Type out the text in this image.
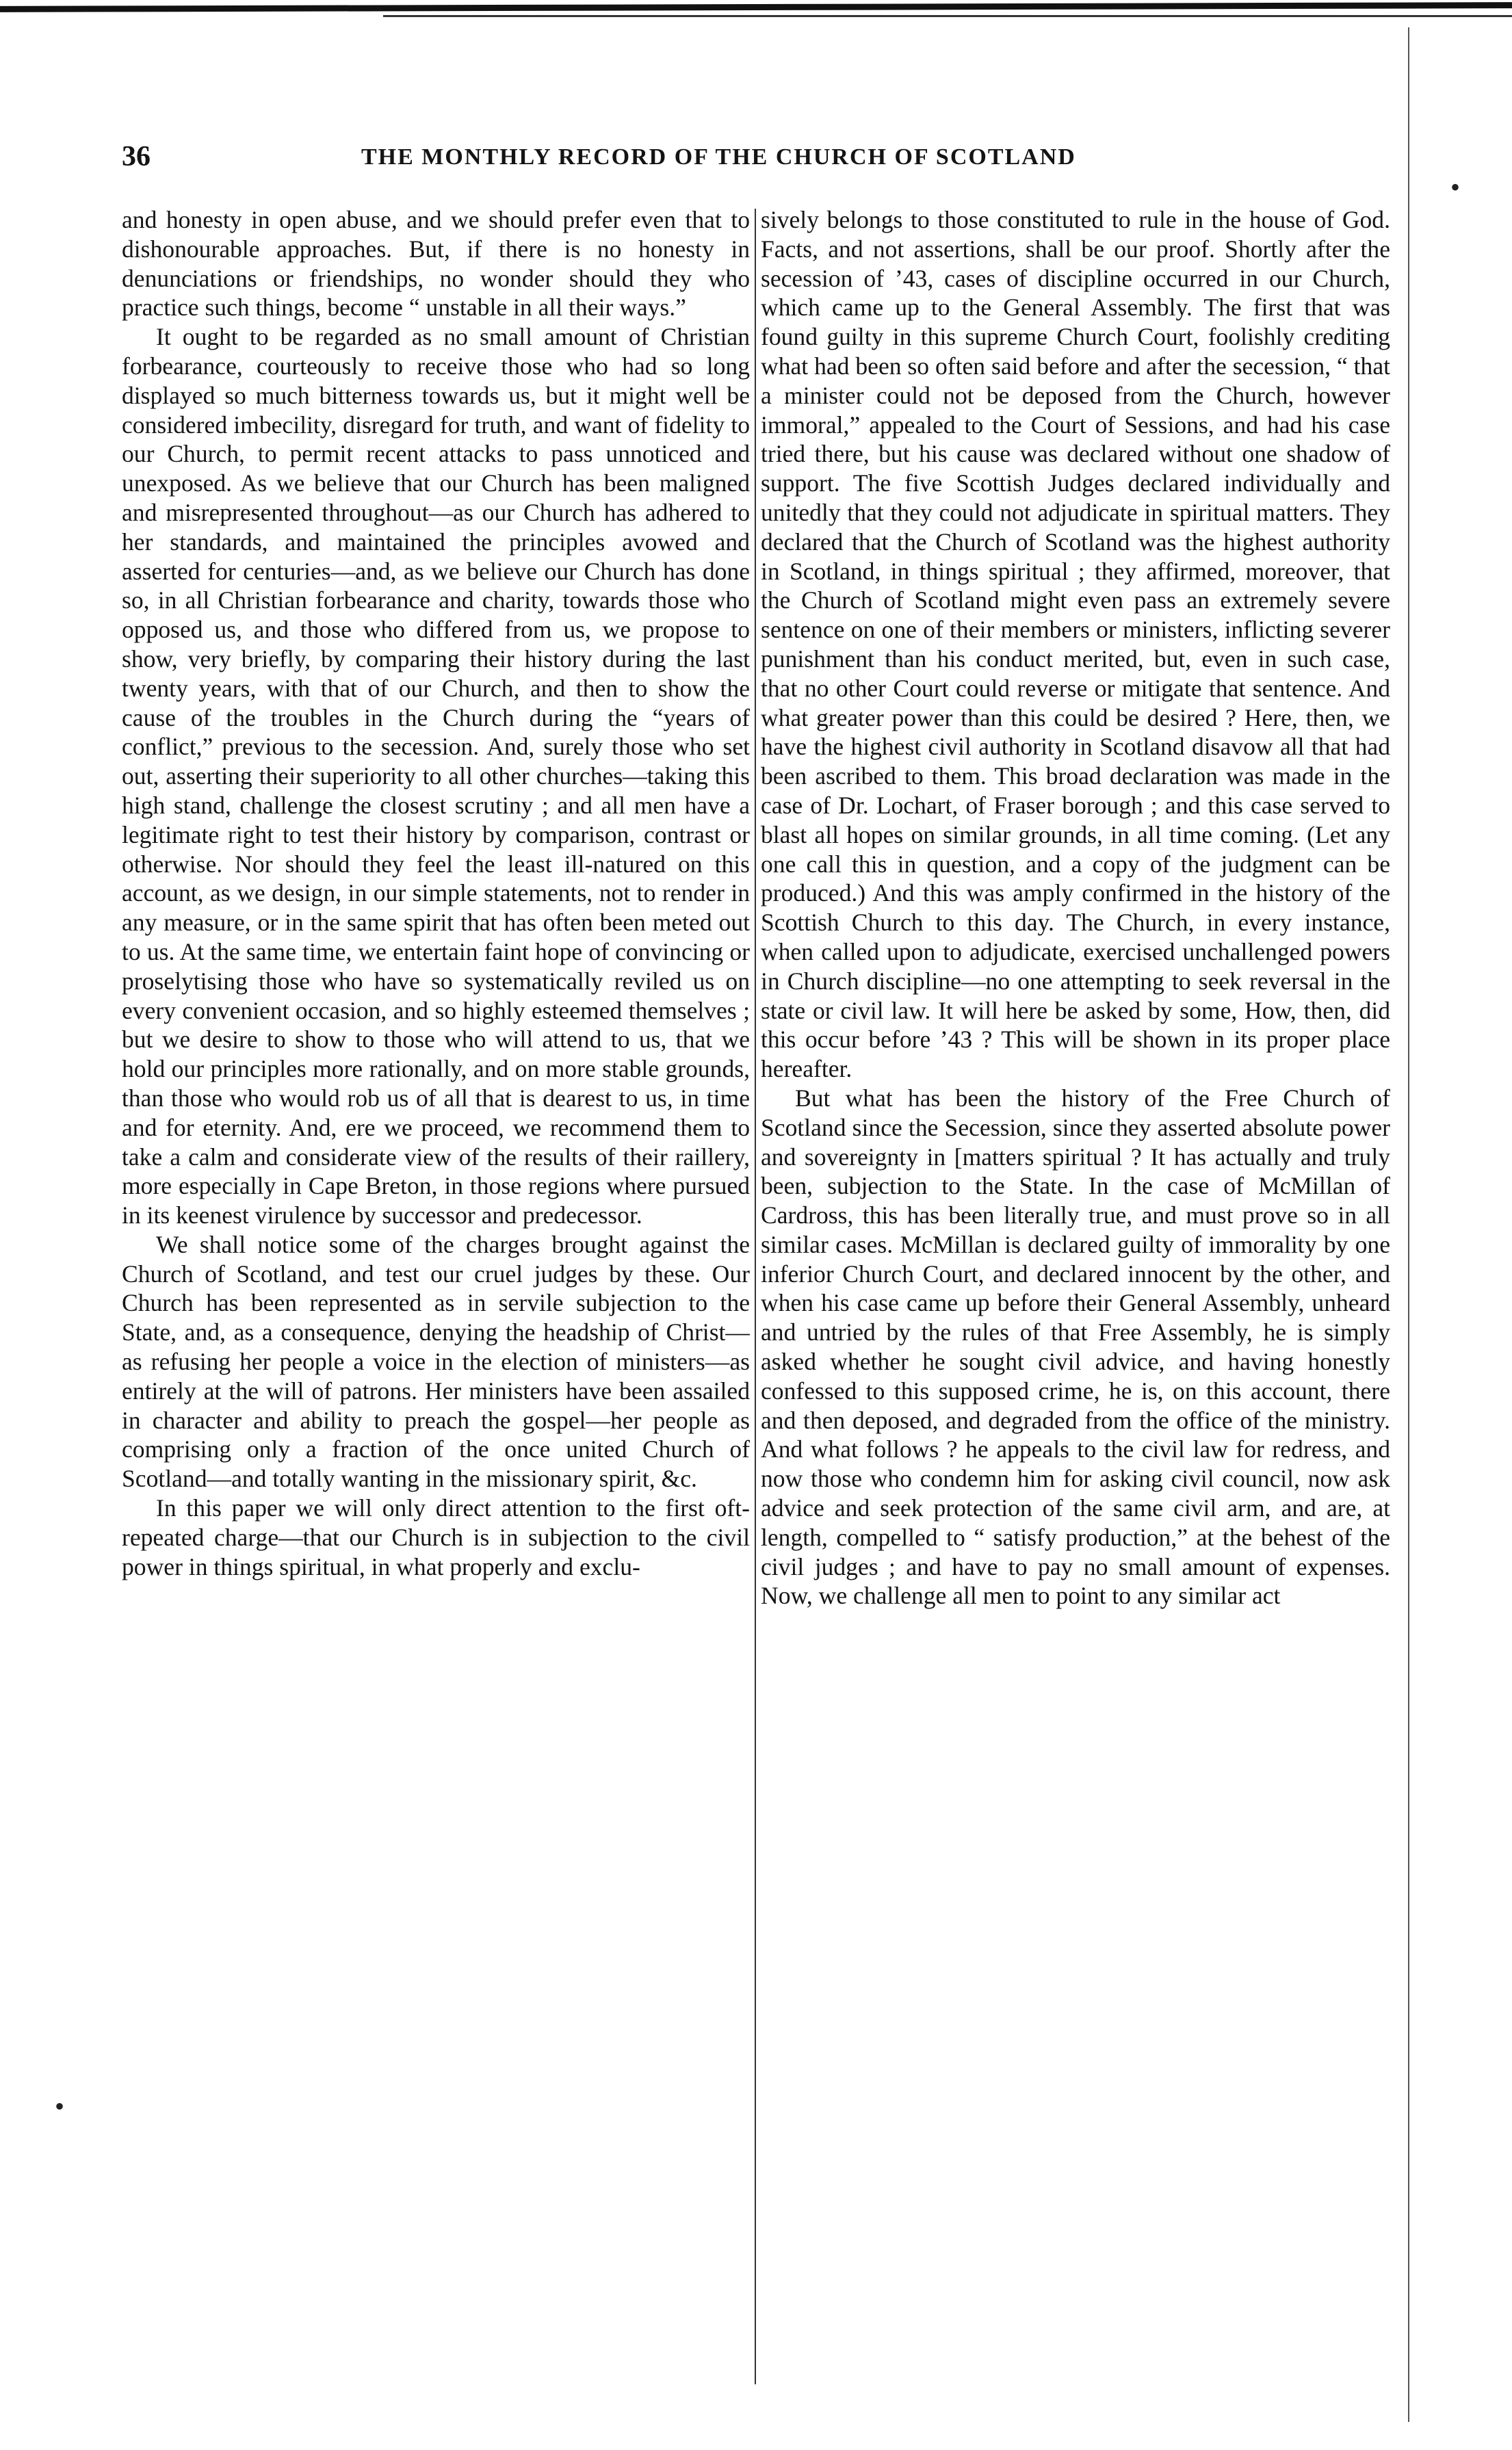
36	THE MONTHLY RECORD OF THE CHURCH OF SCOTLAND

and honesty in open abuse, and we should prefer even that to dishonourable approaches. But, if there is no honesty in denunciations or friendships, no wonder should they who practice such things, become “ unstable in all their ways.”

It ought to be regarded as no small amount of Christian forbearance, courteously to receive those who had so long displayed so much bitterness towards us, but it might well be considered imbecility, disregard for truth, and want of fidelity to our Church, to permit recent attacks to pass unnoticed and unexposed. As we believe that our Church has been maligned and misrepresented throughout—as our Church has adhered to her standards, and maintained the principles avowed and asserted for centuries—and, as we believe our Church has done so, in all Christian forbearance and charity, towards those who opposed us, and those who differed from us, we propose to show, very briefly, by comparing their history during the last twenty years, with that of our Church, and then to show the cause of the troubles in the Church during the “years of conflict,” previous to the secession. And, surely those who set out, asserting their superiority to all other churches—taking this high stand, challenge the closest scrutiny ; and all men have a legitimate right to test their history by comparison, contrast or otherwise. Nor should they feel the least ill-natured on this account, as we design, in our simple statements, not to render in any measure, or in the same spirit that has often been meted out to us. At the same time, we entertain faint hope of convincing or proselytising those who have so systematically reviled us on every convenient occasion, and so highly esteemed themselves ; but we desire to show to those who will attend to us, that we hold our principles more rationally, and on more stable grounds, than those who would rob us of all that is dearest to us, in time and for eternity. And, ere we proceed, we recommend them to take a calm and considerate view of the results of their raillery, more especially in Cape Breton, in those regions where pursued in its keenest virulence by successor and predecessor.

We shall notice some of the charges brought against the Church of Scotland, and test our cruel judges by these. Our Church has been represented as in servile subjection to the State, and, as a consequence, denying the headship of Christ—as refusing her people a voice in the election of ministers—as entirely at the will of patrons. Her ministers have been assailed in character and ability to preach the gospel—her people as comprising only a fraction of the once united Church of Scotland—and totally wanting in the missionary spirit, &c.

In this paper we will only direct attention to the first oft-repeated charge—that our Church is in subjection to the civil power in things spiritual, in what properly and exclu-

sively belongs to those constituted to rule in the house of God. Facts, and not assertions, shall be our proof. Shortly after the secession of ’43, cases of discipline occurred in our Church, which came up to the General Assembly. The first that was found guilty in this supreme Church Court, foolishly crediting what had been so often said before and after the secession, “ that a minister could not be deposed from the Church, however immoral,” appealed to the Court of Sessions, and had his case tried there, but his cause was declared without one shadow of support. The five Scottish Judges declared individually and unitedly that they could not adjudicate in spiritual matters. They declared that the Church of Scotland was the highest authority in Scotland, in things spiritual ; they affirmed, moreover, that the Church of Scotland might even pass an extremely severe sentence on one of their members or ministers, inflicting severer punishment than his conduct merited, but, even in such case, that no other Court could reverse or mitigate that sentence. And what greater power than this could be desired ? Here, then, we have the highest civil authority in Scotland disavow all that had been ascribed to them. This broad declaration was made in the case of Dr. Lochart, of Fraser borough ; and this case served to blast all hopes on similar grounds, in all time coming. (Let any one call this in question, and a copy of the judgment can be produced.) And this was amply confirmed in the history of the Scottish Church to this day. The Church, in every instance, when called upon to adjudicate, exercised unchallenged powers in Church discipline—no one attempting to seek reversal in the state or civil law. It will here be asked by some, How, then, did this occur before ’43 ? This will be shown in its proper place hereafter.

But what has been the history of the Free Church of Scotland since the Secession, since they asserted absolute power and sovereignty in [matters spiritual ? It has actually and truly been, subjection to the State. In the case of McMillan of Cardross, this has been literally true, and must prove so in all similar cases. McMillan is declared guilty of immorality by one inferior Church Court, and declared innocent by the other, and when his case came up before their General Assembly, unheard and untried by the rules of that Free Assembly, he is simply asked whether he sought civil advice, and having honestly confessed to this supposed crime, he is, on this account, there and then deposed, and degraded from the office of the ministry. And what follows ? he appeals to the civil law for redress, and now those who condemn him for asking civil council, now ask advice and seek protection of the same civil arm, and are, at length, compelled to “ satisfy production,” at the behest of the civil judges ; and have to pay no small amount of expenses. Now, we challenge all men to point to any similar act

•
•
